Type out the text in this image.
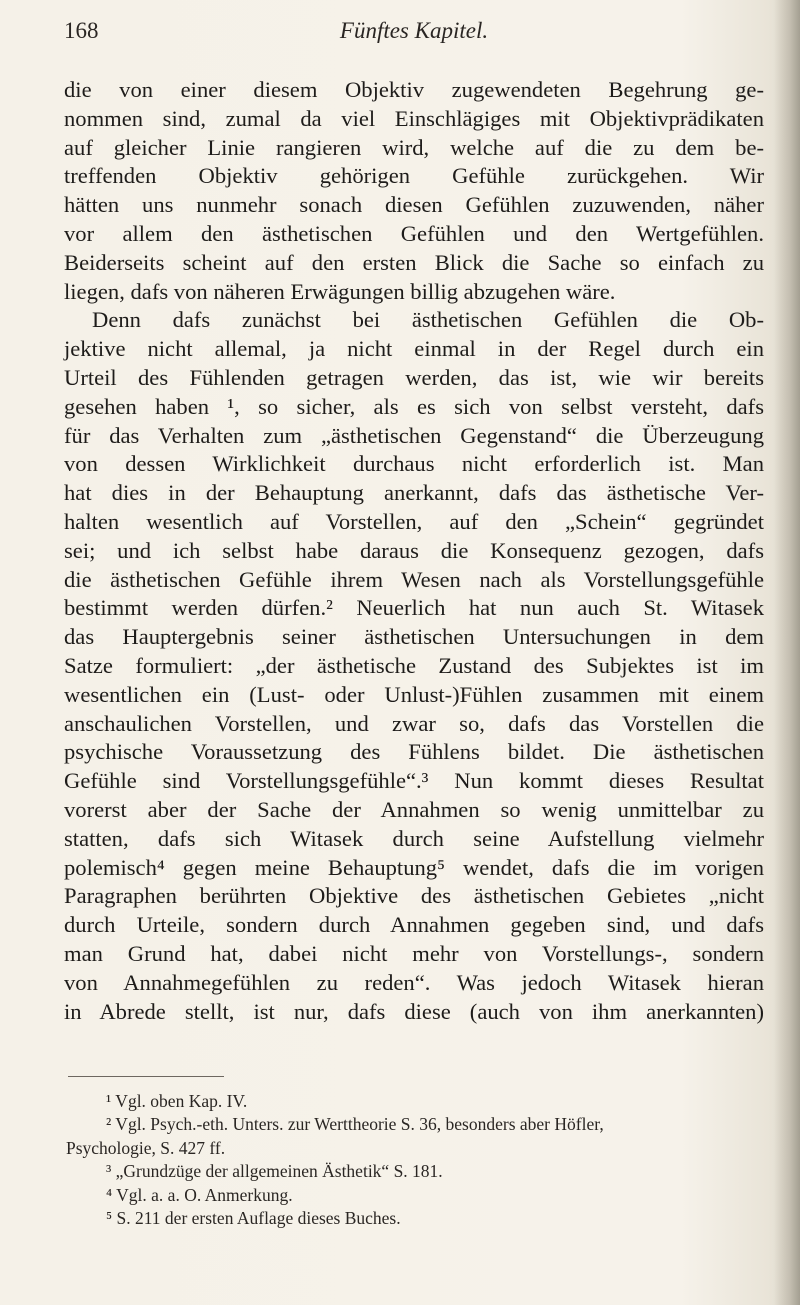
Fünftes Kapitel.
168
die von einer diesem Objektiv zugewendeten Begehrung ge-
nommen sind, zumal da viel Einschlägiges mit Objektivprädikaten
auf gleicher Linie rangieren wird, welche auf die zu dem be-
treffenden Objektiv gehörigen Gefühle zurückgehen. Wir
hätten uns nunmehr sonach diesen Gefühlen zuzuwenden, näher
vor allem den ästhetischen Gefühlen und den Wertgefühlen.
Beiderseits scheint auf den ersten Blick die Sache so einfach zu
liegen, dafs von näheren Erwägungen billig abzugehen wäre.
Denn dafs zunächst bei ästhetischen Gefühlen die Ob-
jektive nicht allemal, ja nicht einmal in der Regel durch ein
Urteil des Fühlenden getragen werden, das ist, wie wir bereits
gesehen haben ¹, so sicher, als es sich von selbst versteht, dafs
für das Verhalten zum „ästhetischen Gegenstand“ die Überzeugung
von dessen Wirklichkeit durchaus nicht erforderlich ist. Man
hat dies in der Behauptung anerkannt, dafs das ästhetische Ver-
halten wesentlich auf Vorstellen, auf den „Schein“ gegründet
sei; und ich selbst habe daraus die Konsequenz gezogen, dafs
die ästhetischen Gefühle ihrem Wesen nach als Vorstellungsgefühle
bestimmt werden dürfen.² Neuerlich hat nun auch St. Witasek
das Hauptergebnis seiner ästhetischen Untersuchungen in dem
Satze formuliert: „der ästhetische Zustand des Subjektes ist im
wesentlichen ein (Lust- oder Unlust-)Fühlen zusammen mit einem
anschaulichen Vorstellen, und zwar so, dafs das Vorstellen die
psychische Voraussetzung des Fühlens bildet. Die ästhetischen
Gefühle sind Vorstellungsgefühle“.³ Nun kommt dieses Resultat
vorerst aber der Sache der Annahmen so wenig unmittelbar zu
statten, dafs sich Witasek durch seine Aufstellung vielmehr
polemisch⁴ gegen meine Behauptung⁵ wendet, dafs die im vorigen
Paragraphen berührten Objektive des ästhetischen Gebietes „nicht
durch Urteile, sondern durch Annahmen gegeben sind, und dafs
man Grund hat, dabei nicht mehr von Vorstellungs-, sondern
von Annahmegefühlen zu reden“. Was jedoch Witasek hieran
in Abrede stellt, ist nur, dafs diese (auch von ihm anerkannten)
¹ Vgl. oben Kap. IV.
² Vgl. Psych.-eth. Unters. zur Werttheorie S. 36, besonders aber Höfler,
Psychologie, S. 427 ff.
³ „Grundzüge der allgemeinen Ästhetik“ S. 181.
⁴ Vgl. a. a. O. Anmerkung.
⁵ S. 211 der ersten Auflage dieses Buches.
